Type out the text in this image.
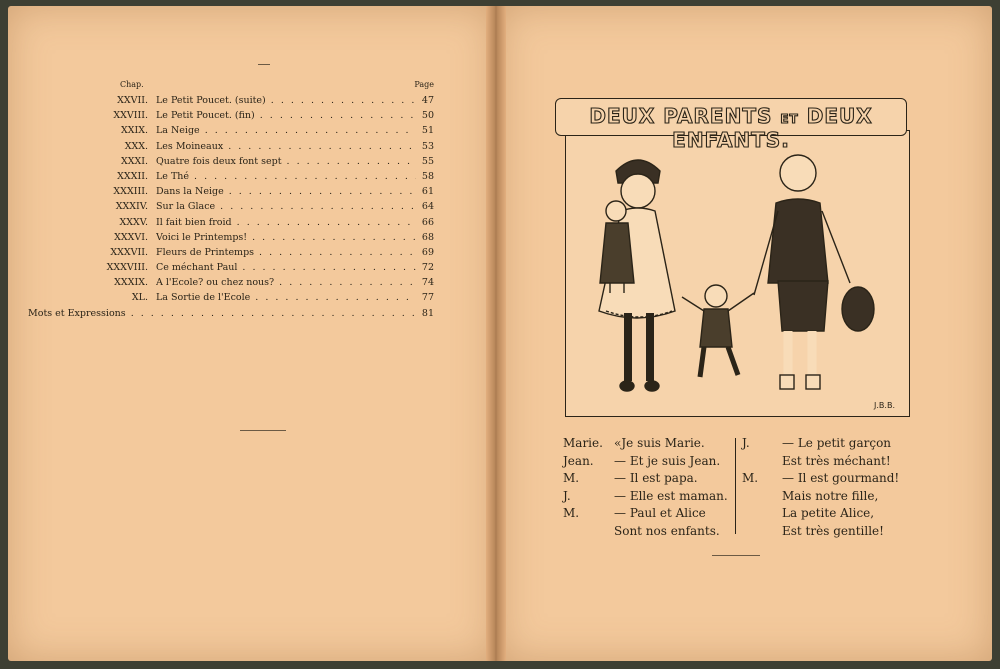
Chap.	Page
XXVII. Le Petit Poucet. (suite) . . .	47
XXVIII. Le Petit Poucet. (fin) . . .	50
XXIX. La Neige . . .	51
XXX. Les Moineaux . . .	53
XXXI. Quatre fois deux font sept . . .	55
XXXII. Le Thé . . .	58
XXXIII. Dans la Neige . . .	61
XXXIV. Sur la Glace . . .	64
XXXV. Il fait bien froid . . .	66
XXXVI. Voici le Printemps! . . .	68
XXXVII. Fleurs de Printemps . . .	69
XXXVIII. Ce méchant Paul . . .	72
XXXIX. A l'Ecole? ou chez nous? . . .	74
XL. La Sortie de l'Ecole . . .	77
Mots et Expressions . . .	81
J.B.B.
DEUX PARENTS ET DEUX ENFANTS.
Marie. «Je suis Marie.
Jean. — Et je suis Jean.
M.	— Il est papa.
J.	— Elle est maman.
M.	— Paul et Alice
Sont nos enfants.
J.	— Le petit garçon
Est très méchant!
M. — Il est gourmand!
Mais notre fille,
La petite Alice,
Est très gentille!
